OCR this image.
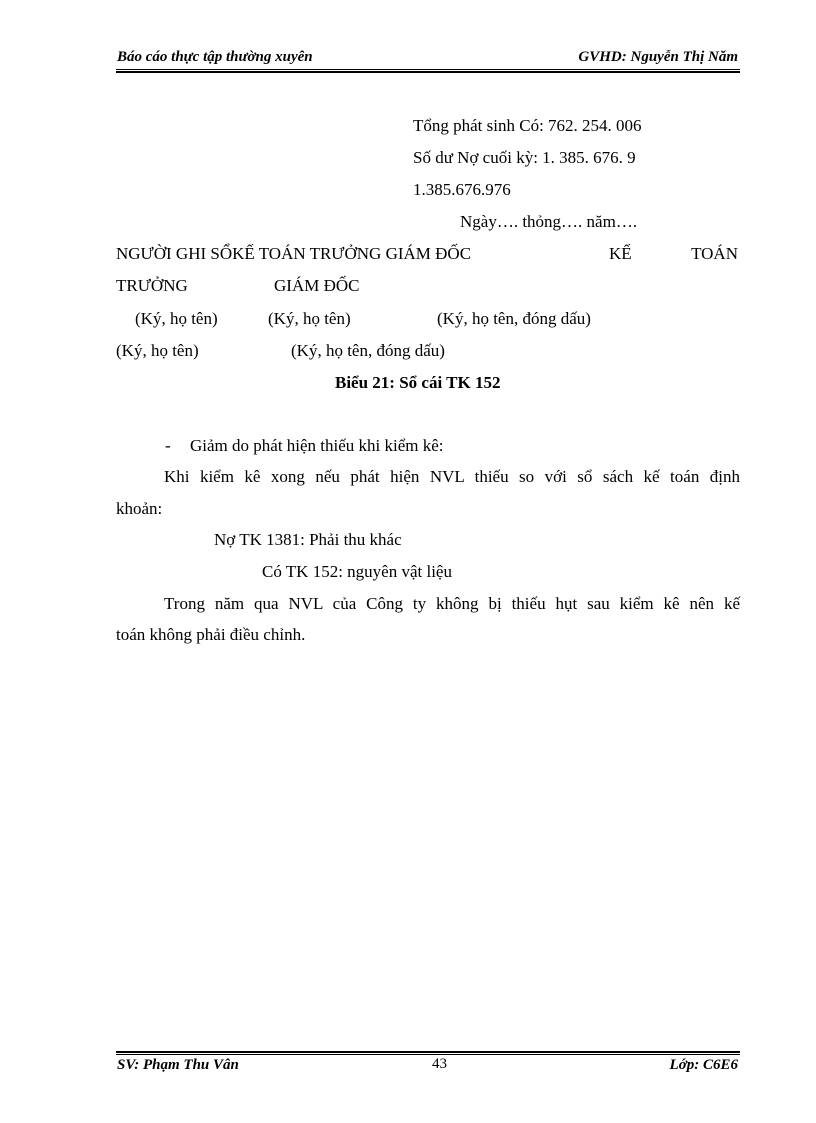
Báo cáo thực tập thường xuyên	GVHD: Nguyễn Thị Năm
Tổng phát sinh Có: 762. 254. 006
Số dư Nợ cuối kỳ: 1. 385. 676. 9
1.385.676.976
Ngày…. thỏng…. năm….
NGƯỜI GHI SỔKẾ TOÁN TRƯỞNG GIÁM ĐỐC	KẾ	TOÁN
TRƯỞNG	GIÁM ĐỐC
(Ký, họ tên)	(Ký, họ tên)	(Ký, họ tên, đóng dấu)
(Ký, họ tên)	(Ký, họ tên, đóng dấu)
Biểu 21: Sổ cái TK 152
- Giảm do phát hiện thiếu khi kiểm kê:
Khi kiểm kê xong nếu phát hiện NVL thiếu so với sổ sách kế toán định
khoản:
Nợ TK 1381: Phải thu khác
Có TK 152: nguyên vật liệu
Trong năm qua NVL của Công ty không bị thiếu hụt sau kiểm kê nên kế
toán không phải điều chỉnh.
SV: Phạm Thu Vân	43	Lớp: C6E6
